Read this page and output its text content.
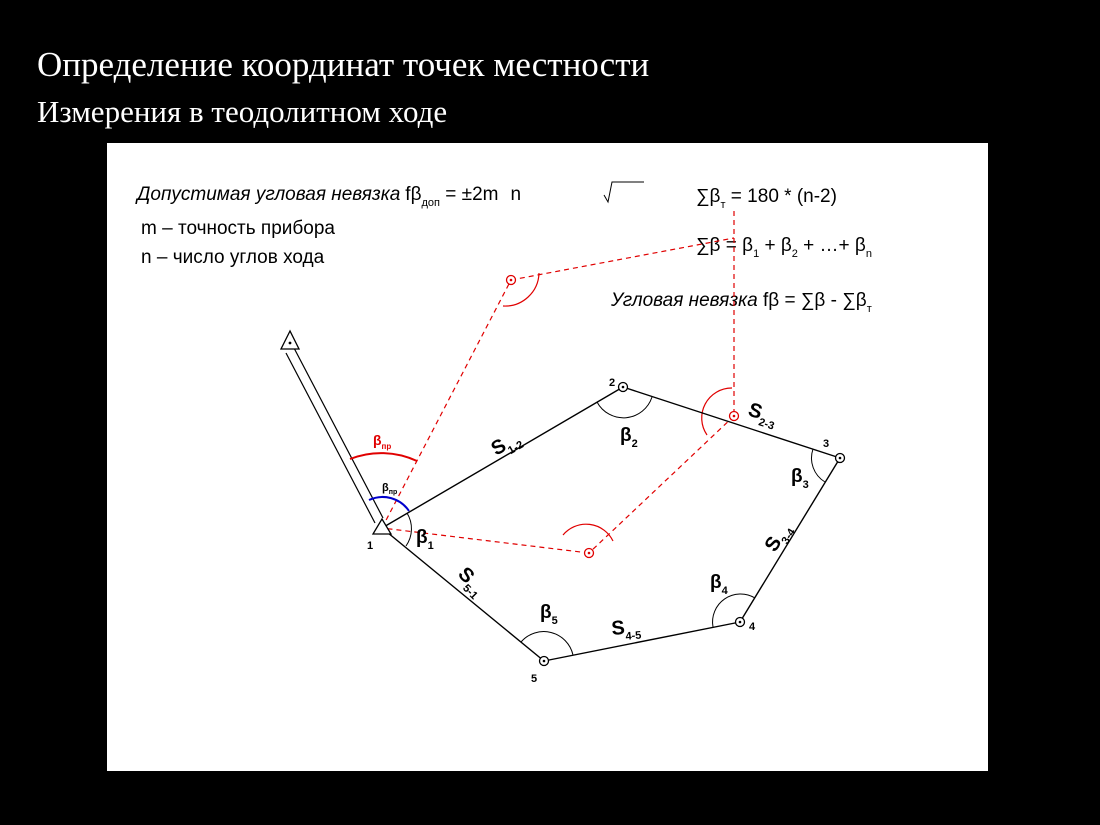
Определение координат точек местности
Измерения в теодолитном ходе
Допустимая угловая невязка $f\beta_{доп} = \pm 2m$ n
m – точность прибора
n – число углов хода
$\sum\beta_т = 180 * (n-2)$
$\sum\beta = \beta_1 + \beta_2$ + …+ $\beta_n$
Угловая невязка $f\beta = \sum\beta - \sum\beta_т$
1
2
3
4
5
$\beta_1$
$\beta_2$
$\beta_3$
$\beta_4$
$\beta_5$
$\beta_{пр}$
$\beta_{пр}$
$S_{1-2}$
$S_{2-3}$
$S_{3-4}$
$S_{4-5}$
$S_{5-1}$
